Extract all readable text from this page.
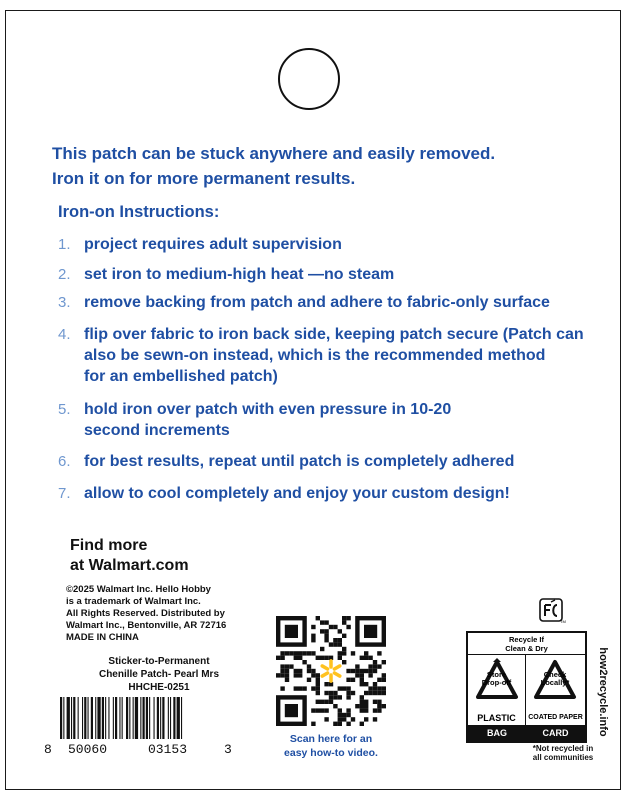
This patch can be stuck anywhere and easily removed.
Iron it on for more permanent results.
Iron-on Instructions:
1. project requires adult supervision
2. set iron to medium-high heat —no steam
3. remove backing from patch and adhere to fabric-only surface
4. flip over fabric to iron back side, keeping patch secure (Patch can
also be sewn-on instead, which is the recommended method
for an embellished patch)
5. hold iron over patch with even pressure in 10-20
second increments
6. for best results, repeat until patch is completely adhered
7. allow to cool completely and enjoy your custom design!
Find more
at Walmart.com
©2025 Walmart Inc. Hello Hobby
is a trademark of Walmart Inc.
All Rights Reserved. Distributed by
Walmart Inc., Bentonville, AR 72716
MADE IN CHINA
Sticker-to-Permanent
Chenille Patch- Pearl Mrs
HHCHE-0251
8 50060	03153	3
Scan here for an
easy how-to video.
TM
Recycle If
Clean & Dry
Store
Drop-off
Check
Locally*
PLASTIC	COATED PAPER
BAG	CARD	how2recycle.info
*Not recycled in
all communities
